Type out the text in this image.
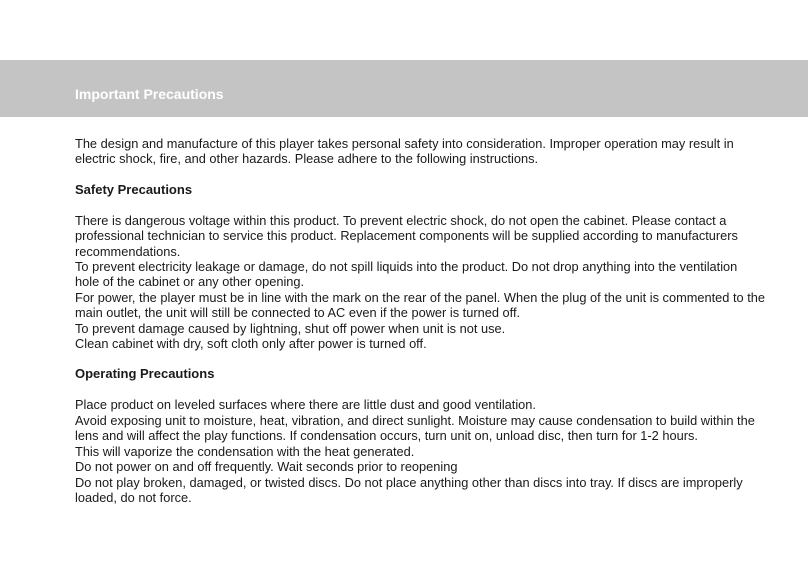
Important Precautions

The design and manufacture of this player takes personal safety into consideration. Improper operation may result in electric shock, fire, and other hazards. Please adhere to the following instructions.

Safety Precautions

There is dangerous voltage within this product. To prevent electric shock, do not open the cabinet. Please contact a professional technician to service this product. Replacement components will be supplied according to manufacturers recommendations.

To prevent electricity leakage or damage, do not spill liquids into the product. Do not drop anything into the ventilation hole of the cabinet or any other opening.

For power, the player must be in line with the mark on the rear of the panel. When the plug of the unit is commented to the main outlet, the unit will still be connected to AC even if the power is turned off.

To prevent damage caused by lightning, shut off power when unit is not use.

Clean cabinet with dry, soft cloth only after power is turned off.

Operating Precautions

Place product on leveled surfaces where there are little dust and good ventilation.

Avoid exposing unit to moisture, heat, vibration, and direct sunlight. Moisture may cause condensation to build within the lens and will affect the play functions. If condensation occurs, turn unit on, unload disc, then turn for 1-2 hours.

This will vaporize the condensation with the heat generated.

Do not power on and off frequently. Wait seconds prior to reopening

Do not play broken, damaged, or twisted discs. Do not place anything other than discs into tray. If discs are improperly loaded, do not force.
